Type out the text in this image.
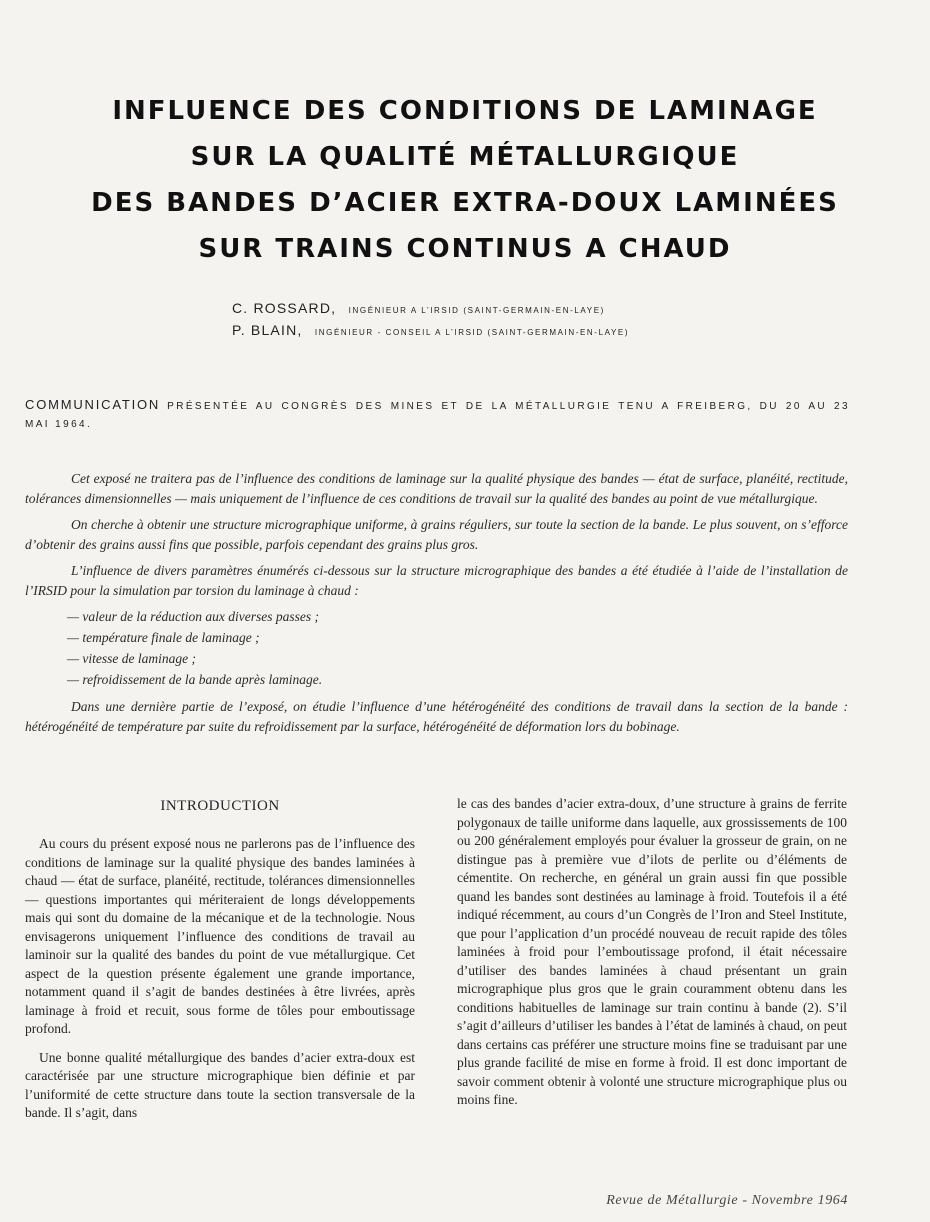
INFLUENCE DES CONDITIONS DE LAMINAGE
SUR LA QUALITÉ MÉTALLURGIQUE
DES BANDES D’ACIER EXTRA-DOUX LAMINÉES
SUR TRAINS CONTINUS A CHAUD
C. ROSSARD, INGÉNIEUR A L’IRSID (SAINT-GERMAIN-EN-LAYE)
P. BLAIN, INGÉNIEUR - CONSEIL A L’IRSID (SAINT-GERMAIN-EN-LAYE)
COMMUNICATION PRÉSENTÉE AU CONGRÈS DES MINES ET DE LA MÉTALLURGIE TENU A FREIBERG, DU 20 AU 23 MAI 1964.

Cet exposé ne traitera pas de l’influence des conditions de laminage sur la qualité physique des bandes — état de surface, planéité, rectitude, tolérances dimensionnelles — mais uniquement de l’influence de ces conditions de travail sur la qualité des bandes au point de vue métallurgique.

On cherche à obtenir une structure micrographique uniforme, à grains réguliers, sur toute la section de la bande. Le plus souvent, on s’efforce d’obtenir des grains aussi fins que possible, parfois cependant des grains plus gros.

L’influence de divers paramètres énumérés ci-dessous sur la structure micrographique des bandes a été étudiée à l’aide de l’installation de l’IRSID pour la simulation par torsion du laminage à chaud :

— valeur de la réduction aux diverses passes ;
— température finale de laminage ;
— vitesse de laminage ;
— refroidissement de la bande après laminage.

Dans une dernière partie de l’exposé, on étudie l’influence d’une hétérogénéité des conditions de travail dans la section de la bande : hétérogénéité de température par suite du refroidissement par la surface, hétérogénéité de déformation lors du bobinage.

INTRODUCTION

Au cours du présent exposé nous ne parlerons pas de l’influence des conditions de laminage sur la qualité physique des bandes laminées à chaud — état de surface, planéité, rectitude, tolérances dimensionnelles — questions importantes qui mériteraient de longs développements mais qui sont du domaine de la mécanique et de la technologie. Nous envisagerons uniquement l’influence des conditions de travail au laminoir sur la qualité des bandes du point de vue métallurgique. Cet aspect de la question présente également une grande importance, notamment quand il s’agit de bandes destinées à être livrées, après laminage à froid et recuit, sous forme de tôles pour emboutissage profond.

Une bonne qualité métallurgique des bandes d’acier extra-doux est caractérisée par une structure micrographique bien définie et par l’uniformité de cette structure dans toute la section transversale de la bande. Il s’agit, dans

le cas des bandes d’acier extra-doux, d’une structure à grains de ferrite polygonaux de taille uniforme dans laquelle, aux grossissements de 100 ou 200 généralement employés pour évaluer la grosseur de grain, on ne distingue pas à première vue d’ilots de perlite ou d’éléments de cémentite. On recherche, en général un grain aussi fin que possible quand les bandes sont destinées au laminage à froid. Toutefois il a été indiqué récemment, au cours d’un Congrès de l’Iron and Steel Institute, que pour l’application d’un procédé nouveau de recuit rapide des tôles laminées à froid pour l’emboutissage profond, il était nécessaire d’utiliser des bandes laminées à chaud présentant un grain micrographique plus gros que le grain couramment obtenu dans les conditions habituelles de laminage sur train continu à bande (2). S’il s’agit d’ailleurs d’utiliser les bandes à l’état de laminés à chaud, on peut dans certains cas préférer une structure moins fine se traduisant par une plus grande facilité de mise en forme à froid. Il est donc important de savoir comment obtenir à volonté une structure micrographique plus ou moins fine.

Revue de Métallurgie - Novembre 1964
